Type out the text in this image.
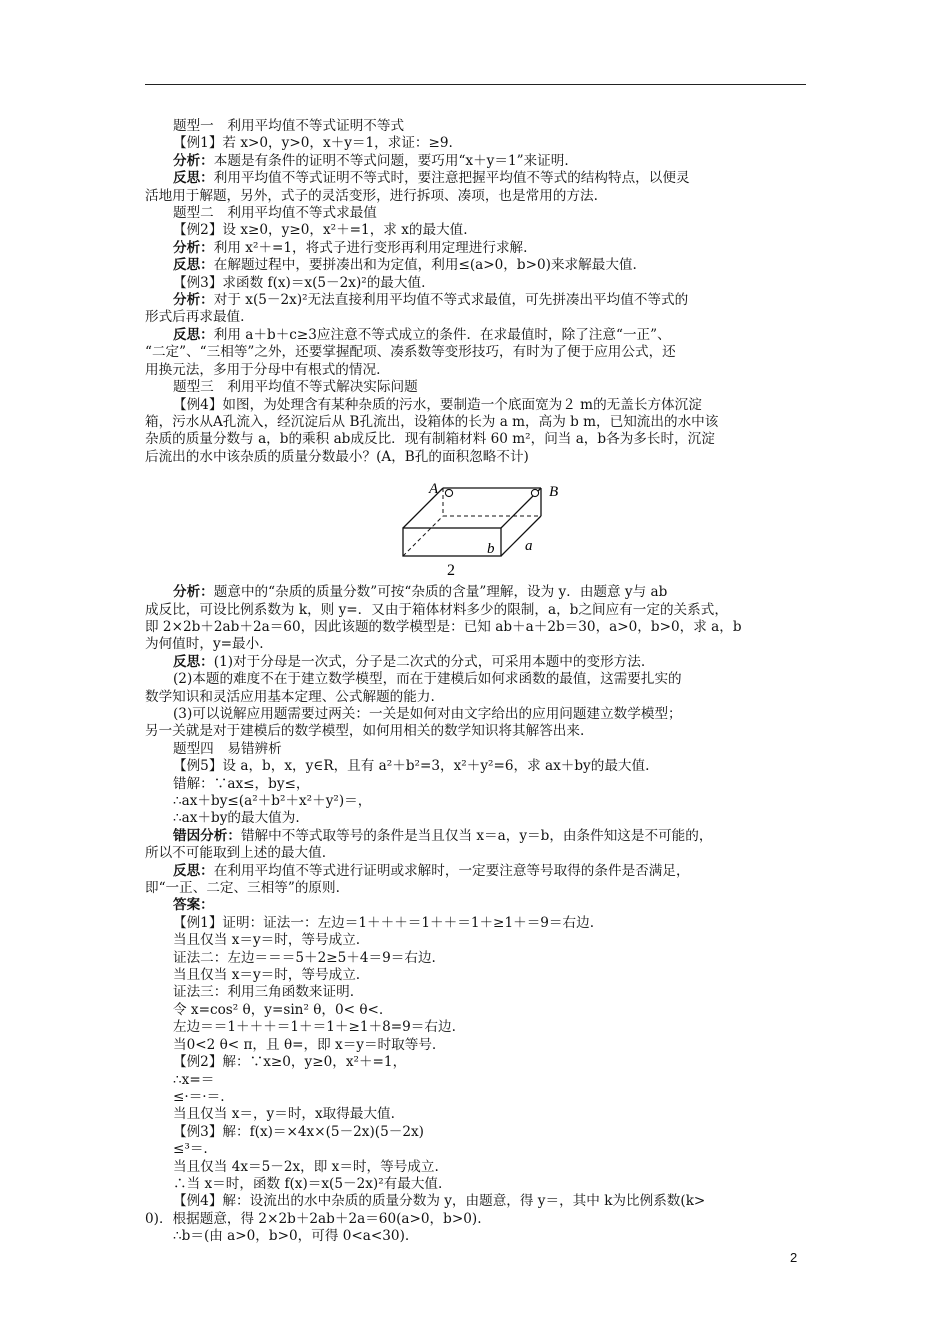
题型一　利用平均值不等式证明不等式

【例1】若 x>0，y>0，x＋y＝1，求证：≥9.

分析：本题是有条件的证明不等式问题，要巧用“x＋y＝1”来证明.

反思：利用平均值不等式证明不等式时，要注意把握平均值不等式的结构特点，以便灵

活地用于解题，另外，式子的灵活变形，进行拆项、凑项，也是常用的方法.

题型二　利用平均值不等式求最值

【例2】设 x≥0，y≥0，x²＋=1，求 x的最大值.

分析：利用 x²＋=1，将式子进行变形再利用定理进行求解.

反思：在解题过程中，要拼凑出和为定值，利用≤(a>0，b>0)来求解最大值.

【例3】求函数 f(x)＝x(5－2x)²的最大值.

分析：对于 x(5－2x)²无法直接利用平均值不等式求最值，可先拼凑出平均值不等式的

形式后再求最值.

反思：利用 a＋b＋c≥3应注意不等式成立的条件．在求最值时，除了注意“一正”、

“二定”、“三相等”之外，还要掌握配项、凑系数等变形技巧，有时为了便于应用公式，还

用换元法，多用于分母中有根式的情况.

题型三　利用平均值不等式解决实际问题

【例4】如图，为处理含有某种杂质的污水，要制造一个底面宽为２ m的无盖长方体沉淀

箱，污水从A孔流入，经沉淀后从 B孔流出，设箱体的长为 a m，高为 b m，已知流出的水中该

杂质的质量分数与 a，b的乘积 ab成反比．现有制箱材料 60 m²，问当 a，b各为多长时，沉淀

后流出的水中该杂质的质量分数最小？(A，B孔的面积忽略不计)

A	B
a
b
2

分析：题意中的“杂质的质量分数”可按“杂质的含量”理解，设为 y．由题意 y与 ab

成反比，可设比例系数为 k，则 y=．又由于箱体材料多少的限制，a，b之间应有一定的关系式，

即 2×2b＋2ab＋2a＝60，因此该题的数学模型是：已知 ab＋a＋2b＝30，a>0，b>0，求 a，b

为何值时，y=最小.

反思：(1)对于分母是一次式，分子是二次式的分式，可采用本题中的变形方法.

(2)本题的难度不在于建立数学模型，而在于建模后如何求函数的最值，这需要扎实的

数学知识和灵活应用基本定理、公式解题的能力.

(3)可以说解应用题需要过两关：一关是如何对由文字给出的应用问题建立数学模型；

另一关就是对于建模后的数学模型，如何用相关的数学知识将其解答出来.

题型四　易错辨析

【例5】设 a，b，x，y∈R，且有 a²＋b²=3，x²＋y²=6，求 ax＋by的最大值.

错解：∵ax≤，by≤，

∴ax＋by≤(a²＋b²＋x²＋y²)＝，

∴ax＋by的最大值为.

错因分析：错解中不等式取等号的条件是当且仅当 x＝a，y＝b，由条件知这是不可能的，

所以不可能取到上述的最大值.

反思：在利用平均值不等式进行证明或求解时，一定要注意等号取得的条件是否满足，

即“一正、二定、三相等”的原则.

答案：

【例1】证明：证法一：左边＝1＋＋＋＝1＋＋＝1＋≥1＋＝9＝右边.

当且仅当 x＝y＝时，等号成立.

证法二：左边＝＝＝5＋2≥5＋4＝9＝右边.

当且仅当 x＝y＝时，等号成立.

证法三：利用三角函数来证明.

令 x=cos² θ，y=sin² θ，0< θ<.

左边＝＝1＋＋＋＝1＋＝1＋≥1＋8=9＝右边.

当0<2 θ< π，且 θ=，即 x＝y＝时取等号.

【例2】解：∵x≥0，y≥0，x²＋=1，

∴x=＝

≤·＝·＝.

当且仅当 x＝，y＝时，x取得最大值.

【例3】解：f(x)＝×4x×(5－2x)(5－2x)

≤³＝.

当且仅当 4x＝5－2x，即 x＝时，等号成立.

∴当 x＝时，函数 f(x)＝x(5－2x)²有最大值.

【例4】解：设流出的水中杂质的质量分数为 y，由题意，得 y＝，其中 k为比例系数(k>

0)．根据题意，得 2×2b＋2ab＋2a＝60(a>0，b>0).

∴b＝(由 a>0，b>0，可得 0<a<30).

2
